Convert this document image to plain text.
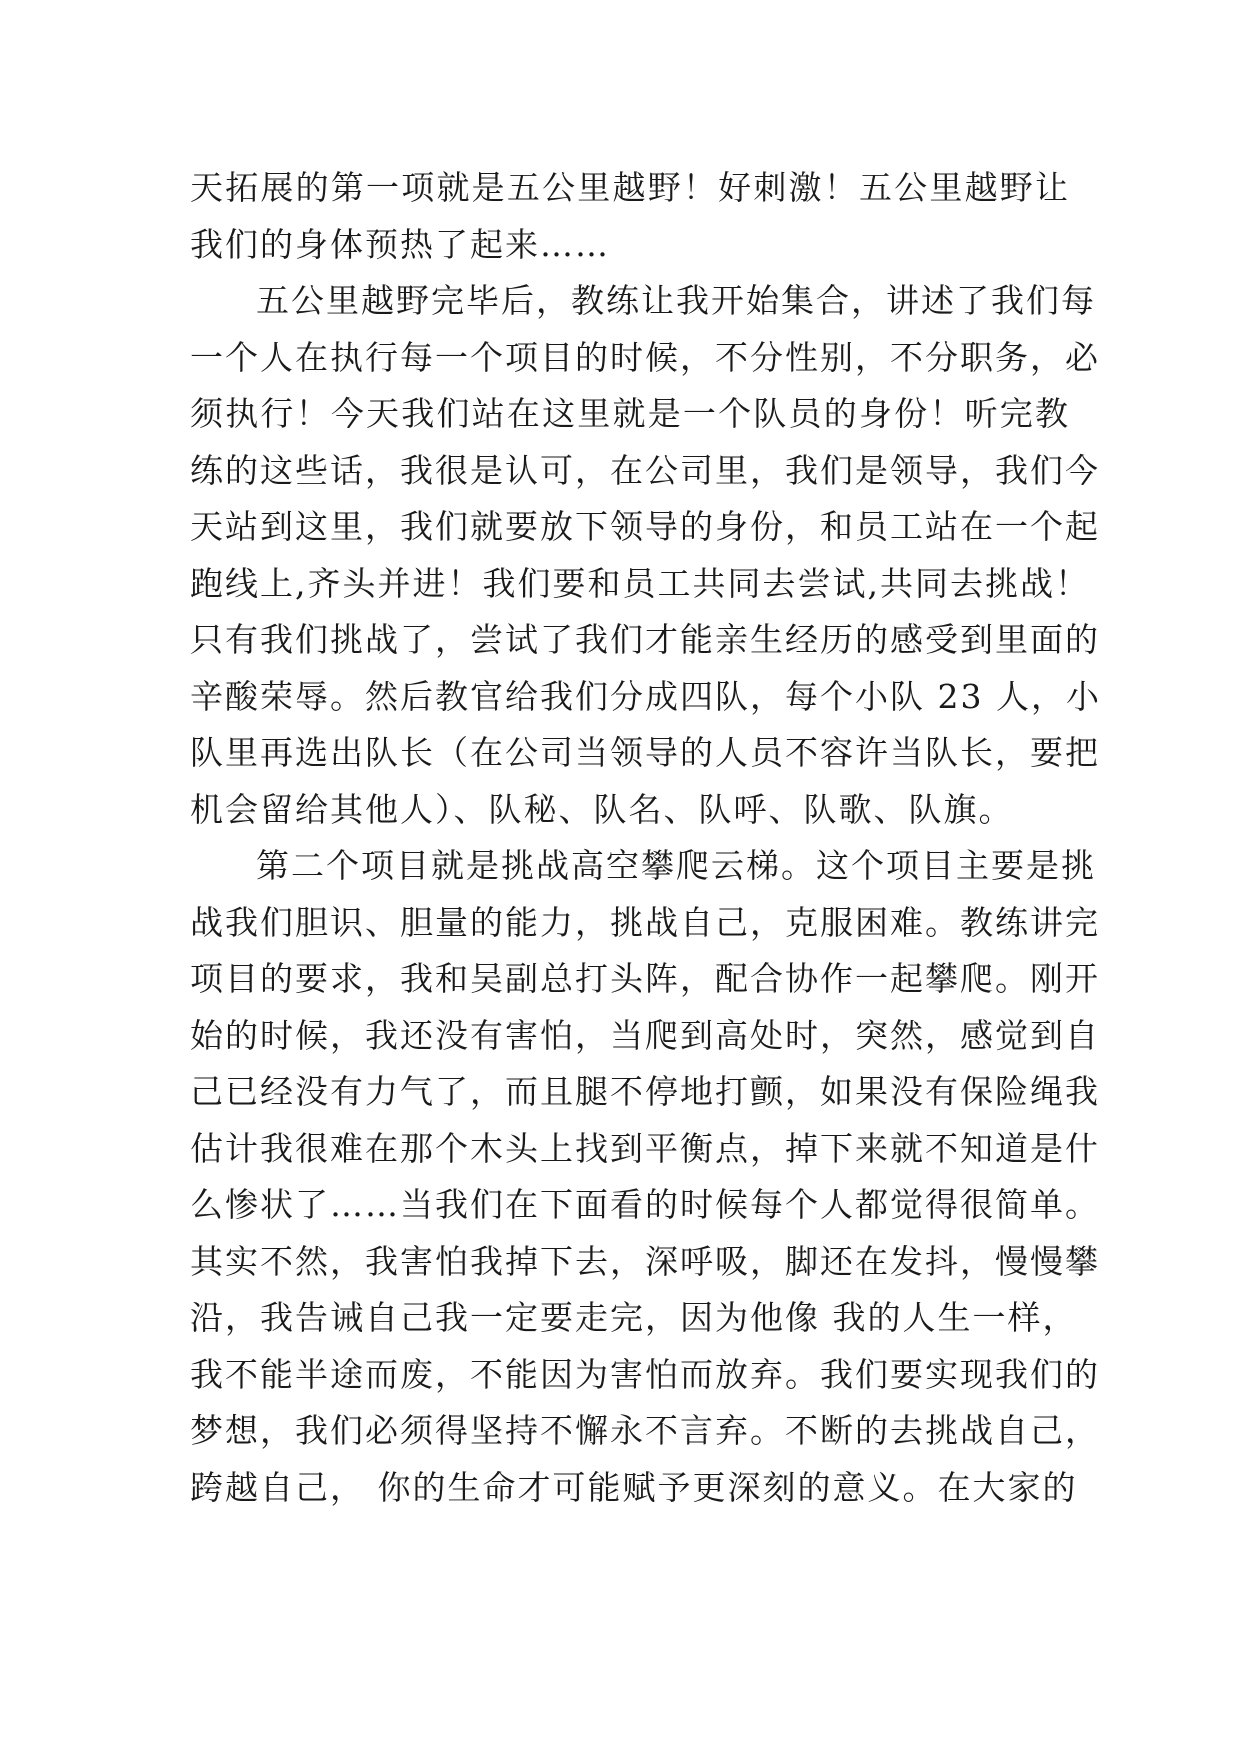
天拓展的第一项就是五公里越野！好刺激！五公里越野让
我们的身体预热了起来……
五公里越野完毕后，教练让我开始集合，讲述了我们每
一个人在执行每一个项目的时候，不分性别，不分职务，必
须执行！今天我们站在这里就是一个队员的身份！听完教
练的这些话，我很是认可，在公司里，我们是领导，我们今
天站到这里，我们就要放下领导的身份，和员工站在一个起
跑线上,齐头并进！我们要和员工共同去尝试,共同去挑战！
只有我们挑战了，尝试了我们才能亲生经历的感受到里面的
辛酸荣辱。然后教官给我们分成四队，每个小队 23 人，小
队里再选出队长（在公司当领导的人员不容许当队长，要把
机会留给其他人）、队秘、队名、队呼、队歌、队旗。
第二个项目就是挑战高空攀爬云梯。这个项目主要是挑
战我们胆识、胆量的能力，挑战自己，克服困难。教练讲完
项目的要求，我和吴副总打头阵，配合协作一起攀爬。刚开
始的时候，我还没有害怕，当爬到高处时，突然，感觉到自
己已经没有力气了，而且腿不停地打颤，如果没有保险绳我
估计我很难在那个木头上找到平衡点，掉下来就不知道是什
么惨状了……当我们在下面看的时候每个人都觉得很简单。
其实不然，我害怕我掉下去，深呼吸，脚还在发抖，慢慢攀
沿，我告诫自己我一定要走完，因为他像 我的人生一样，
我不能半途而废，不能因为害怕而放弃。我们要实现我们的
梦想，我们必须得坚持不懈永不言弃。不断的去挑战自己，
跨越自己， 你的生命才可能赋予更深刻的意义。在大家的
